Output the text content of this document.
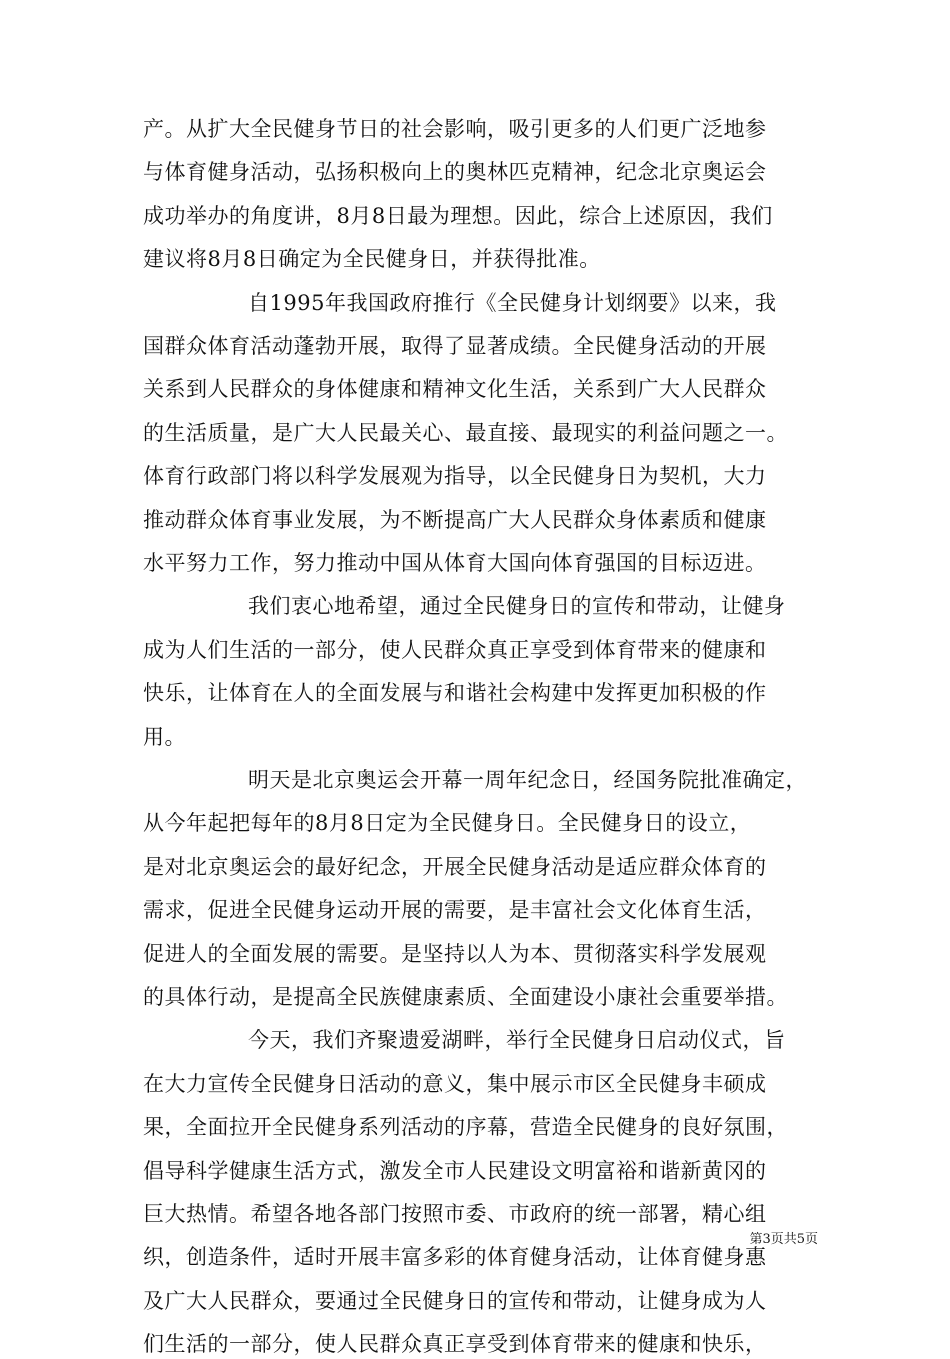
产。从扩大全民健身节日的社会影响，吸引更多的人们更广泛地参
与体育健身活动，弘扬积极向上的奥林匹克精神，纪念北京奥运会
成功举办的角度讲，8月8日最为理想。因此，综合上述原因，我们
建议将8月8日确定为全民健身日，并获得批准。
自1995年我国政府推行《全民健身计划纲要》以来，我
国群众体育活动蓬勃开展，取得了显著成绩。全民健身活动的开展
关系到人民群众的身体健康和精神文化生活，关系到广大人民群众
的生活质量，是广大人民最关心、最直接、最现实的利益问题之一。
体育行政部门将以科学发展观为指导，以全民健身日为契机，大力
推动群众体育事业发展，为不断提高广大人民群众身体素质和健康
水平努力工作，努力推动中国从体育大国向体育强国的目标迈进。
我们衷心地希望，通过全民健身日的宣传和带动，让健身
成为人们生活的一部分，使人民群众真正享受到体育带来的健康和
快乐，让体育在人的全面发展与和谐社会构建中发挥更加积极的作
用。
明天是北京奥运会开幕一周年纪念日，经国务院批准确定，
从今年起把每年的8月8日定为全民健身日。全民健身日的设立，
是对北京奥运会的最好纪念，开展全民健身活动是适应群众体育的
需求，促进全民健身运动开展的需要，是丰富社会文化体育生活，
促进人的全面发展的需要。是坚持以人为本、贯彻落实科学发展观
的具体行动，是提高全民族健康素质、全面建设小康社会重要举措。
今天，我们齐聚遗爱湖畔，举行全民健身日启动仪式，旨
在大力宣传全民健身日活动的意义，集中展示市区全民健身丰硕成
果，全面拉开全民健身系列活动的序幕，营造全民健身的良好氛围，
倡导科学健康生活方式，激发全市人民建设文明富裕和谐新黄冈的
巨大热情。希望各地各部门按照市委、市政府的统一部署，精心组
织，创造条件，适时开展丰富多彩的体育健身活动，让体育健身惠
及广大人民群众，要通过全民健身日的宣传和带动，让健身成为人
们生活的一部分，使人民群众真正享受到体育带来的健康和快乐，
第3页共5页
